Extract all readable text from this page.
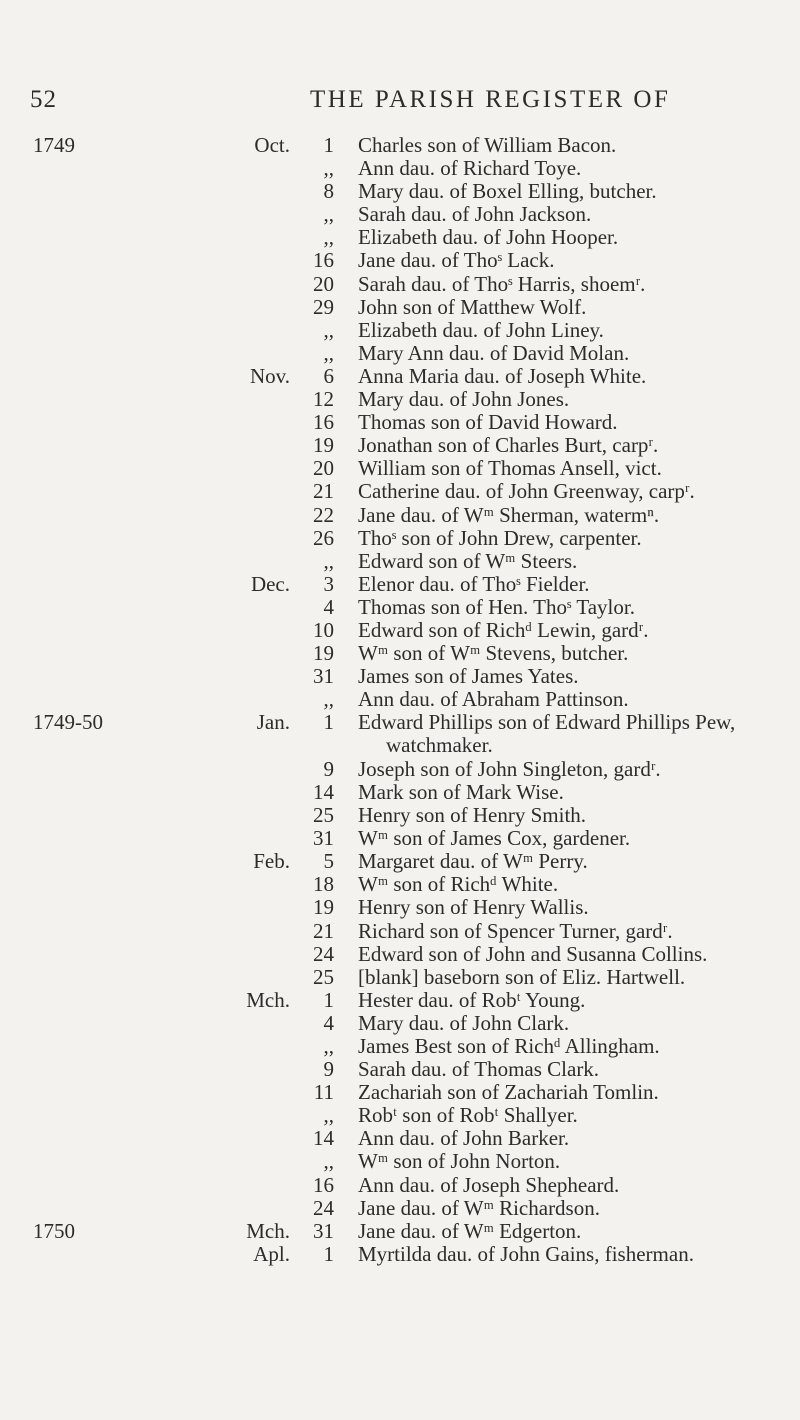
52	THE PARISH REGISTER OF
1749	Oct.	1 Charles son of William Bacon.
,, Ann dau. of Richard Toye.
8 Mary dau. of Boxel Elling, butcher.
,, Sarah dau. of John Jackson.
,, Elizabeth dau. of John Hooper.
16 Jane dau. of Thoˢ Lack.
20 Sarah dau. of Thoˢ Harris, shoemʳ.
29 John son of Matthew Wolf.
,, Elizabeth dau. of John Liney.
,, Mary Ann dau. of David Molan.
Nov.	6 Anna Maria dau. of Joseph White.
12 Mary dau. of John Jones.
16 Thomas son of David Howard.
19 Jonathan son of Charles Burt, carpʳ.
20 William son of Thomas Ansell, vict.
21 Catherine dau. of John Greenway, carpʳ.
22 Jane dau. of Wᵐ Sherman, watermⁿ.
26 Thoˢ son of John Drew, carpenter.
,, Edward son of Wᵐ Steers.
Dec.	3 Elenor dau. of Thoˢ Fielder.
4 Thomas son of Hen. Thoˢ Taylor.
10 Edward son of Richᵈ Lewin, gardʳ.
19 Wᵐ son of Wᵐ Stevens, butcher.
31 James son of James Yates.
,, Ann dau. of Abraham Pattinson.
1749-50	Jan.	1 Edward Phillips son of Edward Phillips Pew,
watchmaker.
9 Joseph son of John Singleton, gardʳ.
14 Mark son of Mark Wise.
25 Henry son of Henry Smith.
31 Wᵐ son of James Cox, gardener.
Feb.	5 Margaret dau. of Wᵐ Perry.
18 Wᵐ son of Richᵈ White.
19 Henry son of Henry Wallis.
21 Richard son of Spencer Turner, gardʳ.
24 Edward son of John and Susanna Collins.
25 [blank] baseborn son of Eliz. Hartwell.
Mch.	1 Hester dau. of Robᵗ Young.
4 Mary dau. of John Clark.
,, James Best son of Richᵈ Allingham.
9 Sarah dau. of Thomas Clark.
11 Zachariah son of Zachariah Tomlin.
,, Robᵗ son of Robᵗ Shallyer.
14 Ann dau. of John Barker.
,, Wᵐ son of John Norton.
16 Ann dau. of Joseph Shepheard.
24 Jane dau. of Wᵐ Richardson.
1750	Mch.	31 Jane dau. of Wᵐ Edgerton.
Apl.	1 Myrtilda dau. of John Gains, fisherman.
